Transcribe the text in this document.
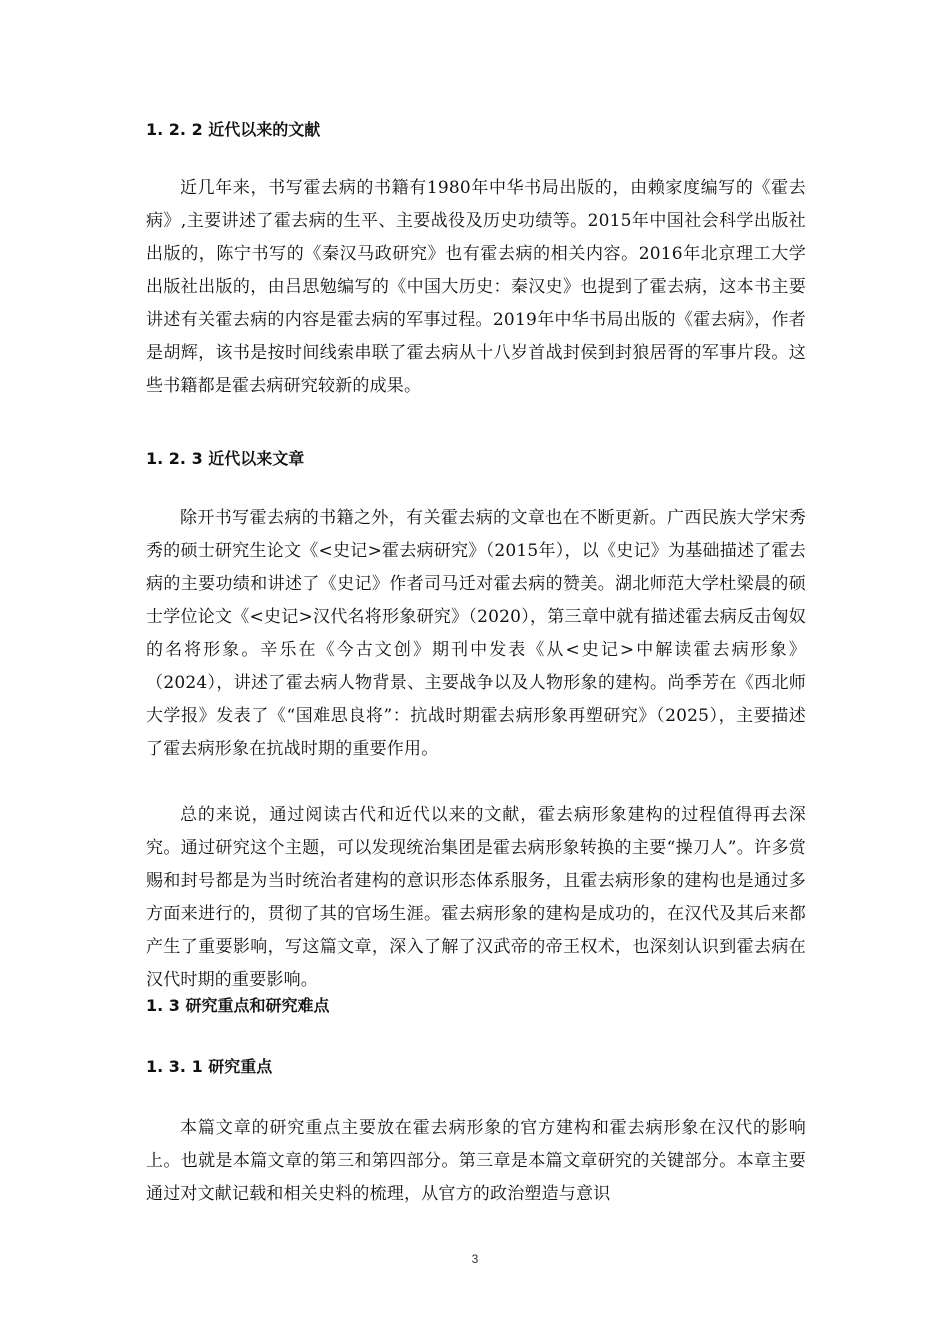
1. 2. 2 近代以来的文献

近几年来，书写霍去病的书籍有1980年中华书局出版的，由赖家度编写的《霍去病》,主要讲述了霍去病的生平、主要战役及历史功绩等。2015年中国社会科学出版社出版的，陈宁书写的《秦汉马政研究》也有霍去病的相关内容。2016年北京理工大学出版社出版的，由吕思勉编写的《中国大历史：秦汉史》也提到了霍去病，这本书主要讲述有关霍去病的内容是霍去病的军事过程。2019年中华书局出版的《霍去病》，作者是胡辉，该书是按时间线索串联了霍去病从十八岁首战封侯到封狼居胥的军事片段。这些书籍都是霍去病研究较新的成果。

1. 2. 3 近代以来文章

除开书写霍去病的书籍之外，有关霍去病的文章也在不断更新。广西民族大学宋秀秀的硕士研究生论文《<史记>霍去病研究》（2015年），以《史记》为基础描述了霍去病的主要功绩和讲述了《史记》作者司马迁对霍去病的赞美。湖北师范大学杜梁晨的硕士学位论文《<史记>汉代名将形象研究》（2020），第三章中就有描述霍去病反击匈奴的名将形象。辛乐在《今古文创》期刊中发表《从<史记>中解读霍去病形象》（2024），讲述了霍去病人物背景、主要战争以及人物形象的建构。尚季芳在《西北师大学报》发表了《“国难思良将”：抗战时期霍去病形象再塑研究》（2025），主要描述了霍去病形象在抗战时期的重要作用。

总的来说，通过阅读古代和近代以来的文献，霍去病形象建构的过程值得再去深究。通过研究这个主题，可以发现统治集团是霍去病形象转换的主要“操刀人”。许多赏赐和封号都是为当时统治者建构的意识形态体系服务，且霍去病形象的建构也是通过多方面来进行的，贯彻了其的官场生涯。霍去病形象的建构是成功的，在汉代及其后来都产生了重要影响，写这篇文章，深入了解了汉武帝的帝王权术，也深刻认识到霍去病在汉代时期的重要影响。

1. 3 研究重点和研究难点
1. 3. 1 研究重点

本篇文章的研究重点主要放在霍去病形象的官方建构和霍去病形象在汉代的影响上。也就是本篇文章的第三和第四部分。第三章是本篇文章研究的关键部分。本章主要通过对文献记载和相关史料的梳理，从官方的政治塑造与意识

3
